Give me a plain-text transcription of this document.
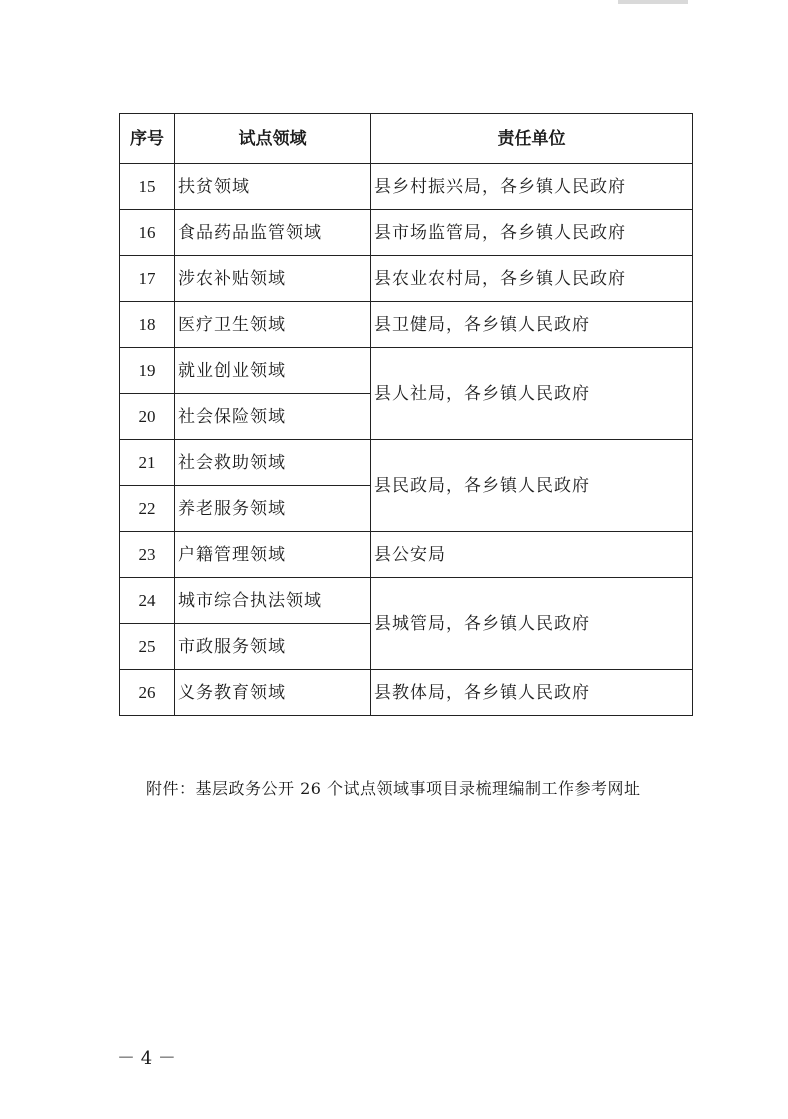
序号	试点领域	责任单位
15	扶贫领域	县乡村振兴局，各乡镇人民政府
16	食品药品监管领域	县市场监管局，各乡镇人民政府
17	涉农补贴领域	县农业农村局，各乡镇人民政府
18	医疗卫生领域	县卫健局，各乡镇人民政府
19	就业创业领域	县人社局，各乡镇人民政府
20	社会保险领域	
21	社会救助领域	县民政局，各乡镇人民政府
22	养老服务领域	
23	户籍管理领域	县公安局
24	城市综合执法领域	县城管局，各乡镇人民政府
25	市政服务领域	
26	义务教育领域	县教体局，各乡镇人民政府
附件：基层政务公开 26 个试点领域事项目录梳理编制工作参考网址
－ 4 －
